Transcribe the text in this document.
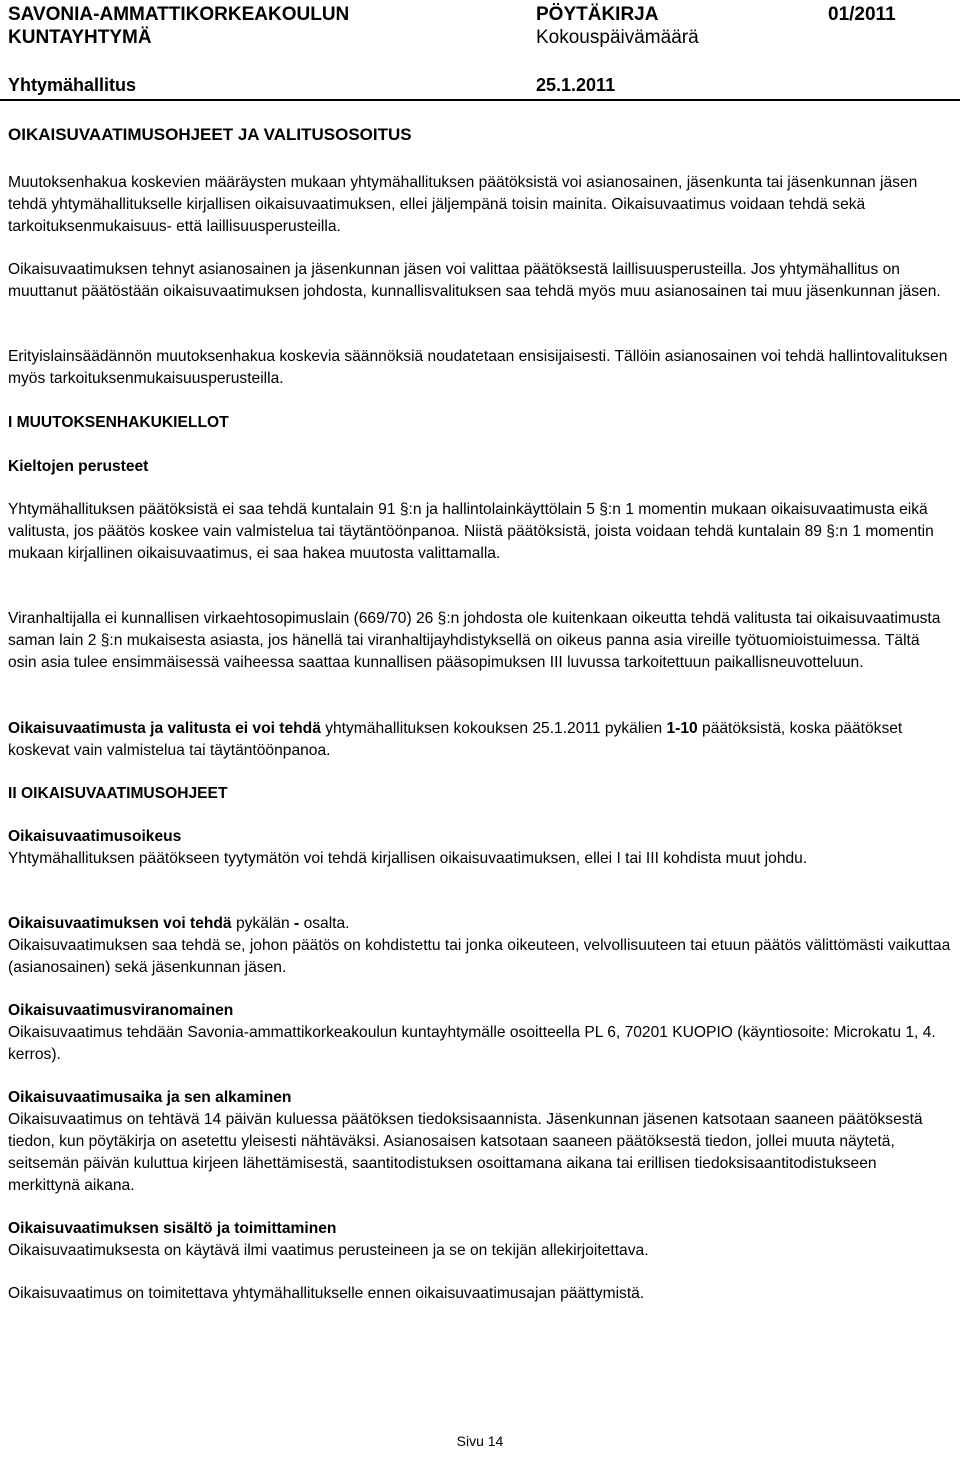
SAVONIA-AMMATTIKORKEAKOULUN
KUNTAYHTYMÄ
PÖYTÄKIRJA	01/2011
Kokouspäivämäärä
Yhtymähallitus	25.1.2011
OIKAISUVAATIMUSOHJEET JA VALITUSOSOITUS

Muutoksenhakua koskevien määräysten mukaan yhtymähallituksen päätöksistä voi asianosainen, jäsenkunta tai jäsenkunnan jäsen tehdä yhtymähallitukselle kirjallisen oikaisuvaatimuksen, ellei jäljempänä toisin mainita. Oikaisuvaatimus voidaan tehdä sekä tarkoituksenmukaisuus- että laillisuusperusteilla.

Oikaisuvaatimuksen tehnyt asianosainen ja jäsenkunnan jäsen voi valittaa päätöksestä laillisuusperusteilla. Jos yhtymähallitus on muuttanut päätöstään oikaisuvaatimuksen johdosta, kunnallisvalituksen saa tehdä myös muu asianosainen tai muu jäsenkunnan jäsen.

Erityislainsäädännön muutoksenhakua koskevia säännöksiä noudatetaan ensisijaisesti. Tällöin asianosainen voi tehdä hallintovalituksen myös tarkoituksenmukaisuusperusteilla.

I MUUTOKSENHAKUKIELLOT
Kieltojen perusteet

Yhtymähallituksen päätöksistä ei saa tehdä kuntalain 91 §:n ja hallintolainkäyttölain 5 §:n 1 momentin mukaan oikaisuvaatimusta eikä valitusta, jos päätös koskee vain valmistelua tai täytäntöönpanoa. Niistä päätöksistä, joista voidaan tehdä kuntalain 89 §:n 1 momentin mukaan kirjallinen oikaisuvaatimus, ei saa hakea muutosta valittamalla.

Viranhaltijalla ei kunnallisen virkaehtosopimuslain (669/70) 26 §:n johdosta ole kuitenkaan oikeutta tehdä valitusta tai oikaisuvaatimusta saman lain 2 §:n mukaisesta asiasta, jos hänellä tai viranhaltijayhdistyksellä on oikeus panna asia vireille työtuomioistuimessa. Tältä osin asia tulee ensimmäisessä vaiheessa saattaa kunnallisen pääsopimuksen III luvussa tarkoitettuun paikallisneuvotteluun.

Oikaisuvaatimusta ja valitusta ei voi tehdä yhtymähallituksen kokouksen 25.1.2011 pykälien 1-10 päätöksistä, koska päätökset koskevat vain valmistelua tai täytäntöönpanoa.

II OIKAISUVAATIMUSOHJEET
Oikaisuvaatimusoikeus

Yhtymähallituksen päätökseen tyytymätön voi tehdä kirjallisen oikaisuvaatimuksen, ellei I tai III kohdista muut johdu.

Oikaisuvaatimuksen voi tehdä pykälän - osalta.

Oikaisuvaatimuksen saa tehdä se, johon päätös on kohdistettu tai jonka oikeuteen, velvollisuuteen tai etuun päätös välittömästi vaikuttaa (asianosainen) sekä jäsenkunnan jäsen.

Oikaisuvaatimusviranomainen

Oikaisuvaatimus tehdään Savonia-ammattikorkeakoulun kuntayhtymälle osoitteella PL 6, 70201 KUOPIO (käyntiosoite: Microkatu 1, 4. kerros).

Oikaisuvaatimusaika ja sen alkaminen

Oikaisuvaatimus on tehtävä 14 päivän kuluessa päätöksen tiedoksisaannista. Jäsenkunnan jäsenen katsotaan saaneen päätöksestä tiedon, kun pöytäkirja on asetettu yleisesti nähtäväksi. Asianosaisen katsotaan saaneen päätöksestä tiedon, jollei muuta näytetä, seitsemän päivän kuluttua kirjeen lähettämisestä, saantitodistuksen osoittamana aikana tai erillisen tiedoksisaantitodistukseen merkittynä aikana.

Oikaisuvaatimuksen sisältö ja toimittaminen

Oikaisuvaatimuksesta on käytävä ilmi vaatimus perusteineen ja se on tekijän allekirjoitettava.

Oikaisuvaatimus on toimitettava yhtymähallitukselle ennen oikaisuvaatimusajan päättymistä.

Sivu 14
